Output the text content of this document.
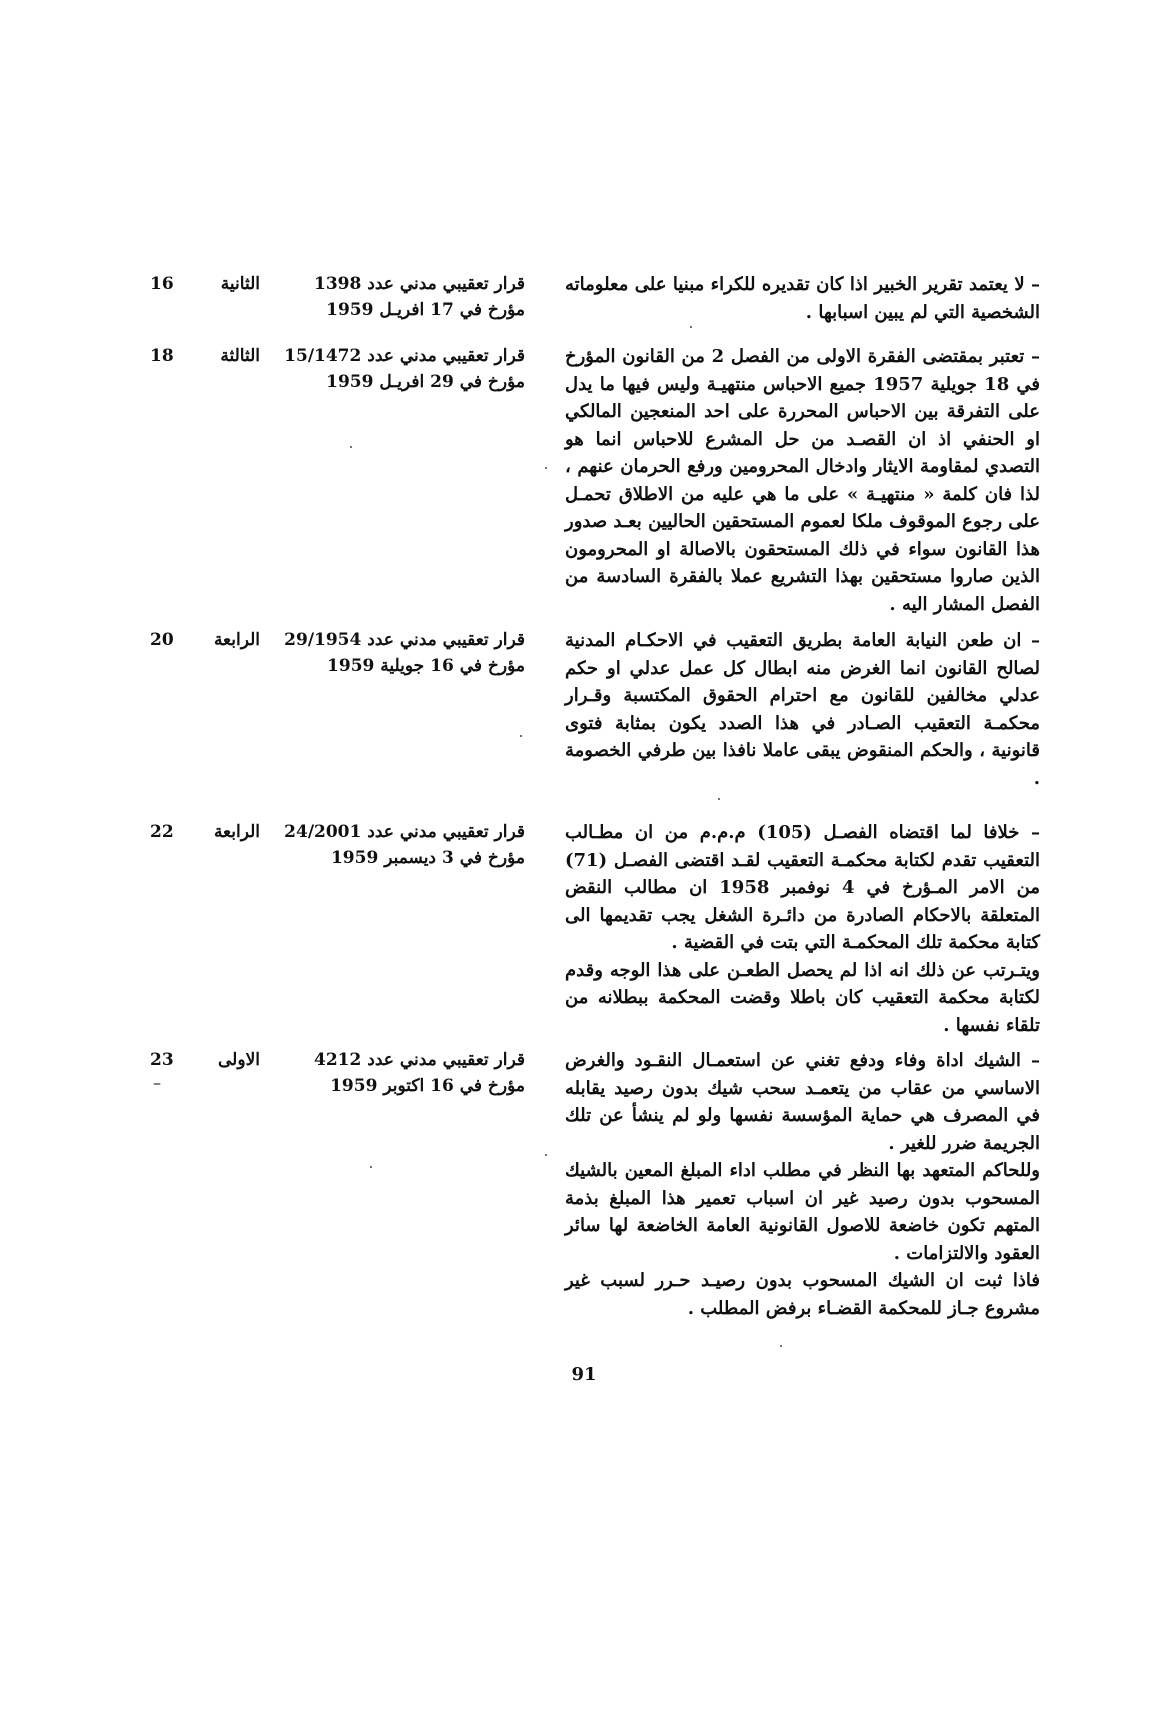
– لا يعتمد تقرير الخبير اذا كان تقديره للكراء مبنيا على معلوماته الشخصية التي لم يبين اسبابها .

قرار تعقيبي مدني عدد 1398
مؤرخ في 17 افريـل 1959
الثانية
16

– تعتبر بمقتضى الفقرة الاولى من الفصل 2 من القانون المؤرخ في 18 جويلية 1957 جميع الاحباس منتهيـة وليس فيها ما يدل على التفرقة بين الاحباس المحررة على احد المنعجين المالكي او الحنفي اذ ان القصـد من حل المشرع للاحباس انما هو التصدي لمقاومة الايثار وادخال المحرومين ورفع الحرمان عنهم ، لذا فان كلمة « منتهيـة » على ما هي عليه من الاطلاق تحمـل على رجوع الموقوف ملكا لعموم المستحقين الحاليين بعـد صدور هذا القانون سواء في ذلك المستحقون بالاصالة او المحرومون الذين صاروا مستحقين بهذا التشريع عملا بالفقرة السادسة من الفصل المشار اليه .

قرار تعقيبي مدني عدد 15/1472
مؤرخ في 29 افريـل 1959
الثالثة
18

– ان طعن النيابة العامة بطريق التعقيب في الاحكـام المدنية لصالح القانون انما الغرض منه ابطال كل عمل عدلي او حكم عدلي مخالفين للقانون مع احترام الحقوق المكتسبة وقـرار محكمـة التعقيب الصـادر في هذا الصدد يكون بمثابة فتوى قانونية ، والحكم المنقوض يبقى عاملا نافذا بين طرفي الخصومة .

قرار تعقيبي مدني عدد 29/1954
مؤرخ في 16 جويلية 1959
الرابعة
20

– خلافا لما اقتضاه الفصـل (105) م.م.م من ان مطـالب التعقيب تقدم لكتابة محكمـة التعقيب لقـد اقتضى الفصـل (71) من الامر المـؤرخ في 4 نوفمبر 1958 ان مطالب النقض المتعلقة بالاحكام الصادرة من دائـرة الشغل يجب تقديمها الى كتابة محكمة تلك المحكمـة التي بتت في القضية .

ويتـرتب عن ذلك انه اذا لم يحصل الطعـن على هذا الوجه وقدم لكتابة محكمة التعقيب كان باطلا وقضت المحكمة ببطلانه من تلقاء نفسها .

قرار تعقيبي مدني عدد 24/2001
مؤرخ في 3 ديسمبر 1959
الرابعة
22

– الشيك اداة وفاء ودفع تغني عن استعمـال النقـود والغرض الاساسي من عقاب من يتعمـد سحب شيك بدون رصيد يقابله في المصرف هي حماية المؤسسة نفسها ولو لم ينشأ عن تلك الجريمة ضرر للغير .

وللحاكم المتعهد بها النظر في مطلب اداء المبلغ المعين بالشيك المسحوب بدون رصيد غير ان اسباب تعمير هذا المبلغ بذمة المتهم تكون خاضعة للاصول القانونية العامة الخاضعة لها سائر العقود والالتزامات .

فاذا ثبت ان الشيك المسحوب بدون رصيـد حـرر لسبب غير مشروع جـاز للمحكمة القضـاء برفض المطلب .

قرار تعقيبي مدني عدد 4212
مؤرخ في 16 اكتوبر 1959
الاولى
23
–
91
